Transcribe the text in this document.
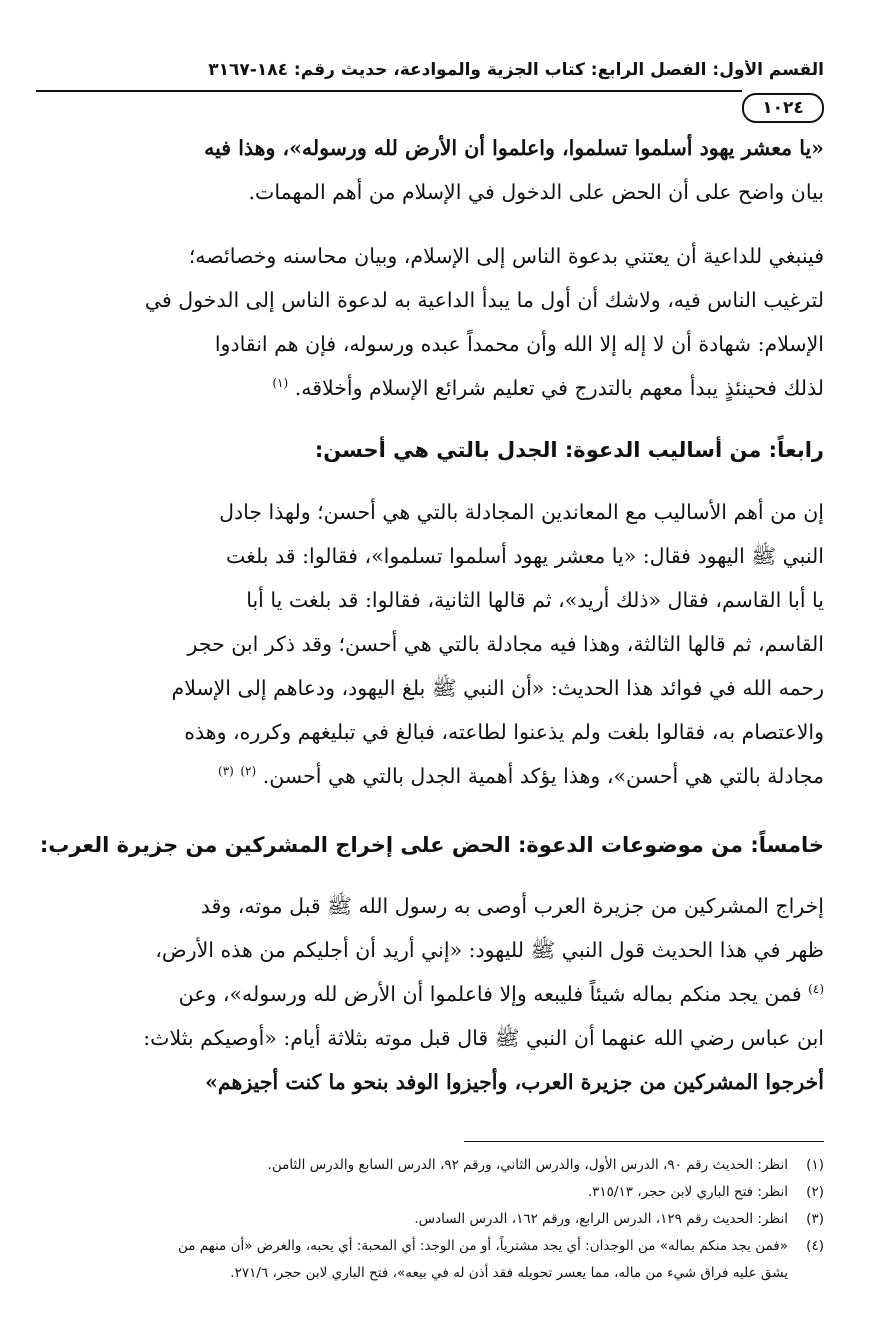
القسم الأول: الفصل الرابع: كتاب الجزية والموادعة، حديث رقم: ١٨٤-٣١٦٧
١٠٢٤
«يا معشر يهود أسلموا تسلموا، واعلموا أن الأرض لله ورسوله»، وهذا فيه
بيان واضح على أن الحض على الدخول في الإسلام من أهم المهمات.
فينبغي للداعية أن يعتني بدعوة الناس إلى الإسلام، وبيان محاسنه وخصائصه؛
لترغيب الناس فيه، ولاشك أن أول ما يبدأ الداعية به لدعوة الناس إلى الدخول في
الإسلام: شهادة أن لا إله إلا الله وأن محمداً عبده ورسوله، فإن هم انقادوا
لذلك فحينئذٍ يبدأ معهم بالتدرج في تعليم شرائع الإسلام وأخلاقه. $^{(١)}$
رابعاً: من أساليب الدعوة: الجدل بالتي هي أحسن:
إن من أهم الأساليب مع المعاندين المجادلة بالتي هي أحسن؛ ولهذا جادل
النبي ﷺ اليهود فقال: «يا معشر يهود أسلموا تسلموا»، فقالوا: قد بلغت
يا أبا القاسم، فقال «ذلك أريد»، ثم قالها الثانية، فقالوا: قد بلغت يا أبا
القاسم، ثم قالها الثالثة، وهذا فيه مجادلة بالتي هي أحسن؛ وقد ذكر ابن حجر
رحمه الله في فوائد هذا الحديث: «أن النبي ﷺ بلغ اليهود، ودعاهم إلى الإسلام
والاعتصام به، فقالوا بلغت ولم يذعنوا لطاعته، فبالغ في تبليغهم وكرره، وهذه
مجادلة بالتي هي أحسن»، وهذا يؤكد أهمية الجدل بالتي هي أحسن. $^{(٢)}$ $^{(٣)}$
خامساً: من موضوعات الدعوة: الحض على إخراج المشركين من جزيرة العرب:
إخراج المشركين من جزيرة العرب أوصى به رسول الله ﷺ قبل موته، وقد
ظهر في هذا الحديث قول النبي ﷺ لليهود: «إني أريد أن أجليكم من هذه الأرض،
$^{(٤)}$ فمن يجد منكم بماله شيئاً فليبعه وإلا فاعلموا أن الأرض لله ورسوله»، وعن
ابن عباس رضي الله عنهما أن النبي ﷺ قال قبل موته بثلاثة أيام: «أوصيكم بثلاث:
أخرجوا المشركين من جزيرة العرب، وأجيزوا الوفد بنحو ما كنت أجيزهم»
(١)انظر: الحديث رقم ٩٠، الدرس الأول، والدرس الثاني، ورقم ٩٢، الدرس السابع والدرس الثامن.
(٢)انظر: فتح الباري لابن حجر، ٣١٥/١٣.
(٣)انظر: الحديث رقم ١٢٩، الدرس الرابع، ورقم ١٦٢، الدرس السادس.
(٤)«فمن يجد منكم بماله» من الوجدان: أي يجد مشترياً، أو من الوجد: أي المحبة: أي يحبه، والغرض «أن منهم من
يشق عليه فراق شيء من ماله، مما يعسر تحويله فقد أذن له في بيعه»، فتح الباري لابن حجر، ٢٧١/٦.
